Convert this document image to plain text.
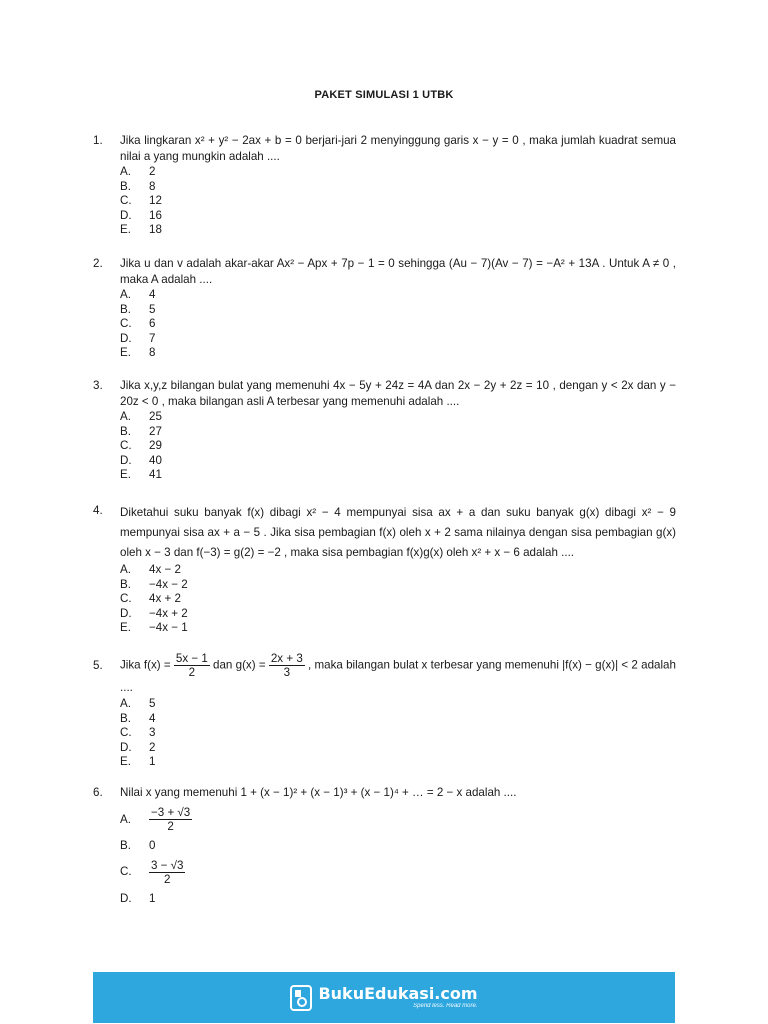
PAKET SIMULASI 1 UTBK
1. Jika lingkaran x² + y² − 2ax + b = 0 berjari-jari 2 menyinggung garis x − y = 0 , maka jumlah kuadrat semua nilai a yang mungkin adalah ....
A.	2
B.	8
C.	12
D.	16
E.	18
2. Jika u dan v adalah akar-akar Ax² − Apx + 7p − 1 = 0 sehingga (Au − 7)(Av − 7) = −A² + 13A . Untuk A ≠ 0 , maka A adalah ....
A.	4
B.	5
C.	6
D.	7
E.	8
3. Jika x,y,z bilangan bulat yang memenuhi 4x − 5y + 24z = 4A dan 2x − 2y + 2z = 10 , dengan y < 2x dan y − 20z < 0 , maka bilangan asli A terbesar yang memenuhi adalah ....
A.	25
B.	27
C.	29
D.	40
E.	41
4. Diketahui suku banyak f(x) dibagi x² − 4 mempunyai sisa ax + a dan suku banyak g(x) dibagi x² − 9 mempunyai sisa ax + a − 5 . Jika sisa pembagian f(x) oleh x + 2 sama nilainya dengan sisa pembagian g(x) oleh x − 3 dan f(−3) = g(2) = −2 , maka sisa pembagian f(x)g(x) oleh x² + x − 6 adalah ....
A.	4x − 2
B.	−4x − 2
C.	4x + 2
D.	−4x + 2
E.	−4x − 1
5. Jika $f(x) = \frac{5x - 1}{2}$ dan $g(x) = \frac{2x + 3}{3}$ , maka bilangan bulat x terbesar yang memenuhi |f(x) − g(x)| < 2 adalah ....
A.	5
B.	4
C.	3
D.	2
E.	1
6. Nilai x yang memenuhi 1 + (x − 1)² + (x − 1)³ + (x − 1)⁴ + … = 2 − x adalah ....
A.	$\frac{-3 + √3}{2}$
B.	0
C.	$\frac{3 - √3}{2}$
D.	1
BukuEdukasi.com
Spend less. Read more.
